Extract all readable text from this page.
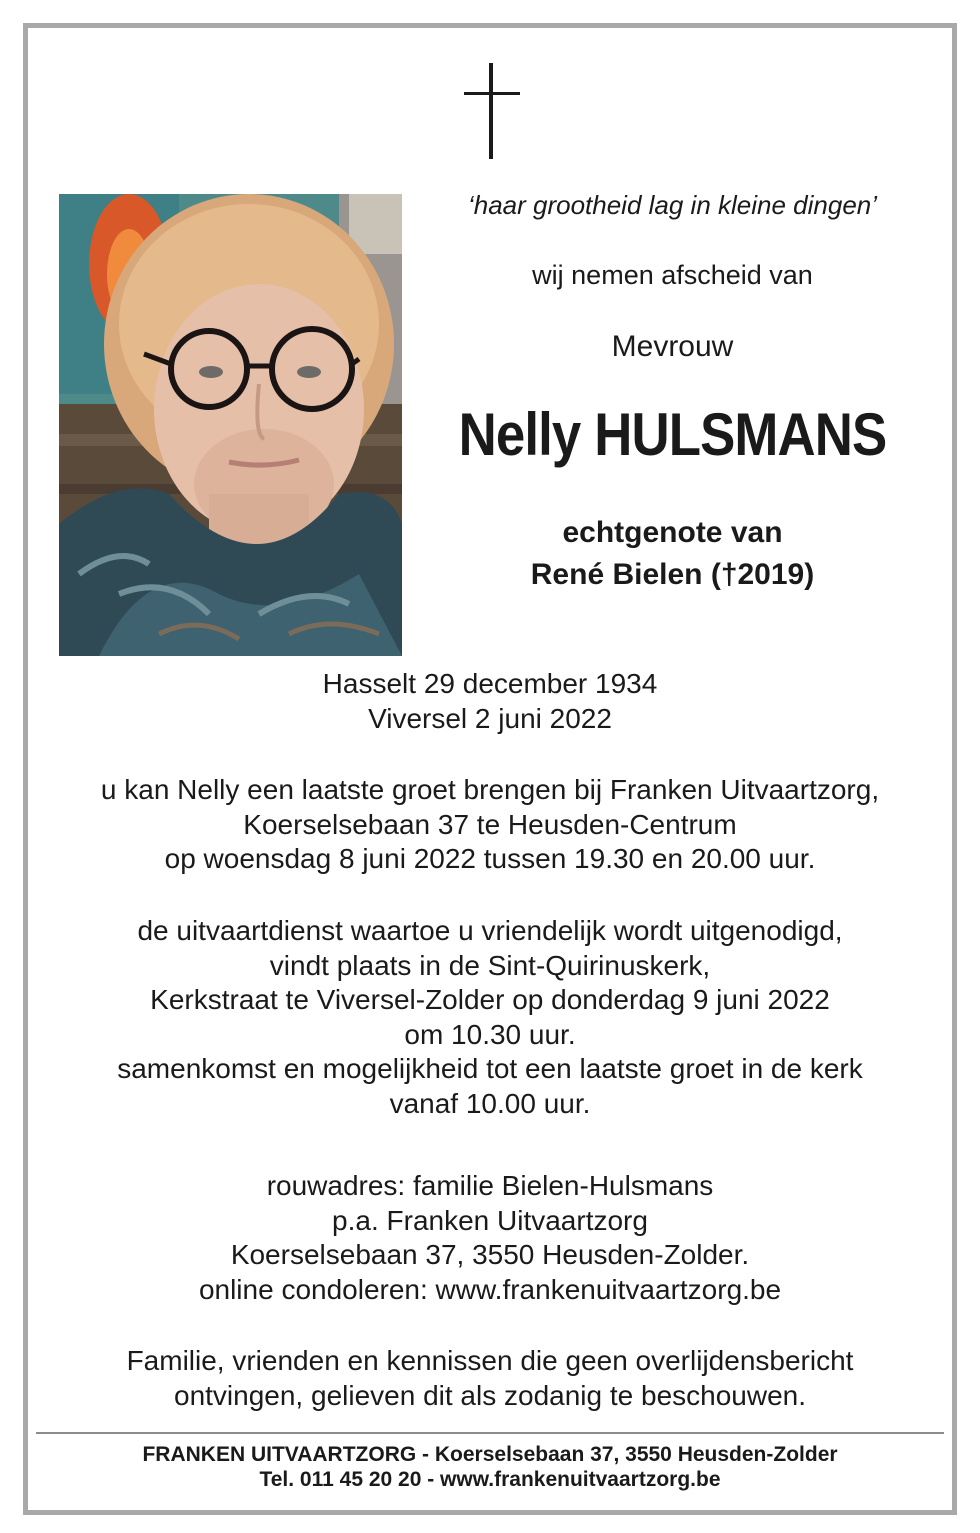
‘haar grootheid lag in kleine dingen’
wij nemen afscheid van
Mevrouw
Nelly HULSMANS
echtgenote van
René Bielen (†2019)
Hasselt 29 december 1934
Viversel 2 juni 2022
u kan Nelly een laatste groet brengen bij Franken Uitvaartzorg,
Koerselsebaan 37 te Heusden-Centrum
op woensdag 8 juni 2022 tussen 19.30 en 20.00 uur.
de uitvaartdienst waartoe u vriendelijk wordt uitgenodigd,
vindt plaats in de Sint-Quirinuskerk,
Kerkstraat te Viversel-Zolder op donderdag 9 juni 2022
om 10.30 uur.
samenkomst en mogelijkheid tot een laatste groet in de kerk
vanaf 10.00 uur.
rouwadres: familie Bielen-Hulsmans
p.a. Franken Uitvaartzorg
Koerselsebaan 37, 3550 Heusden-Zolder.
online condoleren: www.frankenuitvaartzorg.be
Familie, vrienden en kennissen die geen overlijdensbericht
ontvingen, gelieven dit als zodanig te beschouwen.
FRANKEN UITVAARTZORG - Koerselsebaan 37, 3550 Heusden-Zolder
Tel. 011 45 20 20 - www.frankenuitvaartzorg.be
